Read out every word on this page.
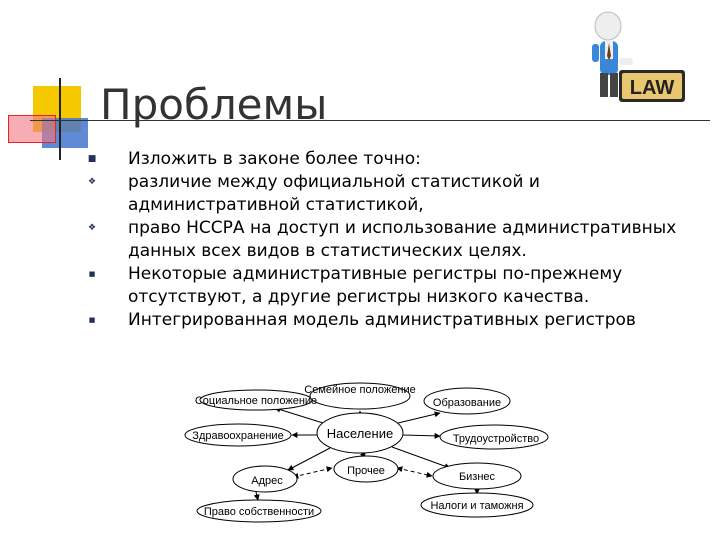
Проблемы	LAW
■ Изложить в законе более точно:
❖ различие между официальной статистикой и административной статистикой,
❖ право НССРА на доступ и использование административных данных всех видов в статистических целях.
■ Некоторые административные регистры по-прежнему отсутствуют, а другие регистры низкого качества.
■ Интегрированная модель административных регистров
Население
Социальное положение
Семейное положение
Образование
Здравоохранение	Трудоустройство
Адрес
Прочее	Бизнес
Право собственности	Налоги и таможня
